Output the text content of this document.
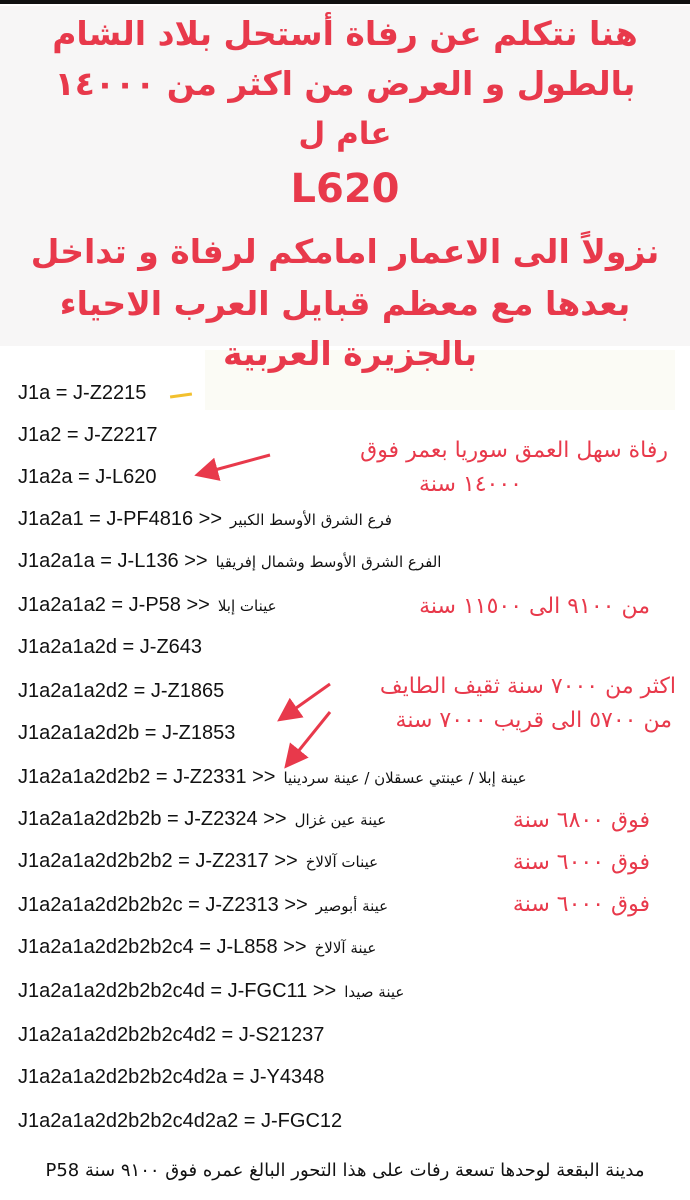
هنا نتكلم عن رفاة أستحل بلاد الشام
بالطول و العرض من اكثر من ١٤٠٠٠
عام ل
L620
نزولاً الى الاعمار امامكم لرفاة و تداخل
بعدها مع معظم قبايل العرب الاحياء
بالجزيرة العربية
J1a = J-Z2215
J1a2 = J-Z2217
J1a2a = J-L620
J1a2a1 = J-PF4816 >> فرع الشرق الأوسط الكبير
J1a2a1a = J-L136 >> الفرع الشرق الأوسط وشمال إفريقيا
J1a2a1a2 = J-P58 >> عينات إبلا
J1a2a1a2d = J-Z643
J1a2a1a2d2 = J-Z1865
J1a2a1a2d2b = J-Z1853
J1a2a1a2d2b2 = J-Z2331 >> عينة إبلا / عينتي عسقلان / عينة سردينيا
J1a2a1a2d2b2b = J-Z2324 >> عينة عين غزال
J1a2a1a2d2b2b2 = J-Z2317 >> عينات آلالاخ
J1a2a1a2d2b2b2c = J-Z2313 >> عينة أبوصير
J1a2a1a2d2b2b2c4 = J-L858 >> عينة آلالاخ
J1a2a1a2d2b2b2c4d = J-FGC11 >> عينة صيدا
J1a2a1a2d2b2b2c4d2 = J-S21237
J1a2a1a2d2b2b2c4d2a = J-Y4348
J1a2a1a2d2b2b2c4d2a2 = J-FGC12
رفاة سهل العمق سوريا بعمر فوق
١٤٠٠٠ سنة
من ٩١٠٠ الى ١١٥٠٠ سنة
اكثر من ٧٠٠٠ سنة ثقيف الطايف
من ٥٧٠٠ الى قريب ٧٠٠٠ سنة
فوق ٦٨٠٠ سنة
فوق ٦٠٠٠ سنة
فوق ٦٠٠٠ سنة
مدينة البقعة لوحدها تسعة رفات على هذا التحور البالغ عمره فوق ٩١٠٠ سنة P58
